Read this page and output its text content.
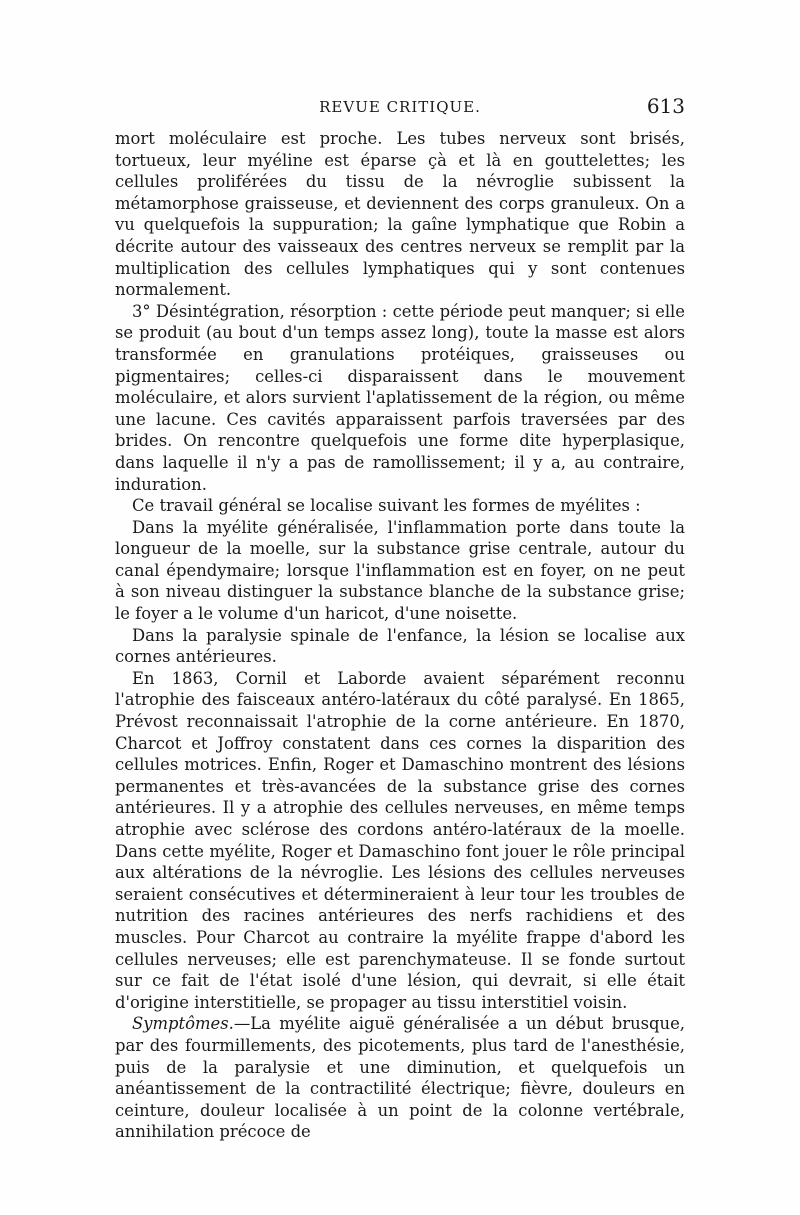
REVUE CRITIQUE.	613

mort moléculaire est proche. Les tubes nerveux sont brisés, tortueux, leur myéline est éparse çà et là en gouttelettes; les cellules proliférées du tissu de la névroglie subissent la métamorphose graisseuse, et deviennent des corps granuleux. On a vu quelquefois la suppuration; la gaîne lymphatique que Robin a décrite autour des vaisseaux des centres nerveux se remplit par la multiplication des cellules lymphatiques qui y sont contenues normalement.

3° Désintégration, résorption : cette période peut manquer; si elle se produit (au bout d'un temps assez long), toute la masse est alors transformée en granulations protéiques, graisseuses ou pigmentaires; celles-ci disparaissent dans le mouvement moléculaire, et alors survient l'aplatissement de la région, ou même une lacune. Ces cavités apparaissent parfois traversées par des brides. On rencontre quelquefois une forme dite hyperplasique, dans laquelle il n'y a pas de ramollissement; il y a, au contraire, induration.

Ce travail général se localise suivant les formes de myélites :

Dans la myélite généralisée, l'inflammation porte dans toute la longueur de la moelle, sur la substance grise centrale, autour du canal épendymaire; lorsque l'inflammation est en foyer, on ne peut à son niveau distinguer la substance blanche de la substance grise; le foyer a le volume d'un haricot, d'une noisette.

Dans la paralysie spinale de l'enfance, la lésion se localise aux cornes antérieures.

En 1863, Cornil et Laborde avaient séparément reconnu l'atrophie des faisceaux antéro-latéraux du côté paralysé. En 1865, Prévost reconnaissait l'atrophie de la corne antérieure. En 1870, Charcot et Joffroy constatent dans ces cornes la disparition des cellules motrices. Enfin, Roger et Damaschino montrent des lésions permanentes et très-avancées de la substance grise des cornes antérieures. Il y a atrophie des cellules nerveuses, en même temps atrophie avec sclérose des cordons antéro-latéraux de la moelle. Dans cette myélite, Roger et Damaschino font jouer le rôle principal aux altérations de la névroglie. Les lésions des cellules nerveuses seraient consécutives et détermineraient à leur tour les troubles de nutrition des racines antérieures des nerfs rachidiens et des muscles. Pour Charcot au contraire la myélite frappe d'abord les cellules nerveuses; elle est parenchymateuse. Il se fonde surtout sur ce fait de l'état isolé d'une lésion, qui devrait, si elle était d'origine interstitielle, se propager au tissu interstitiel voisin.

Symptômes.—La myélite aiguë généralisée a un début brusque, par des fourmillements, des picotements, plus tard de l'anesthésie, puis de la paralysie et une diminution, et quelquefois un anéantissement de la contractilité électrique; fièvre, douleurs en ceinture, douleur localisée à un point de la colonne vertébrale, annihilation précoce de
